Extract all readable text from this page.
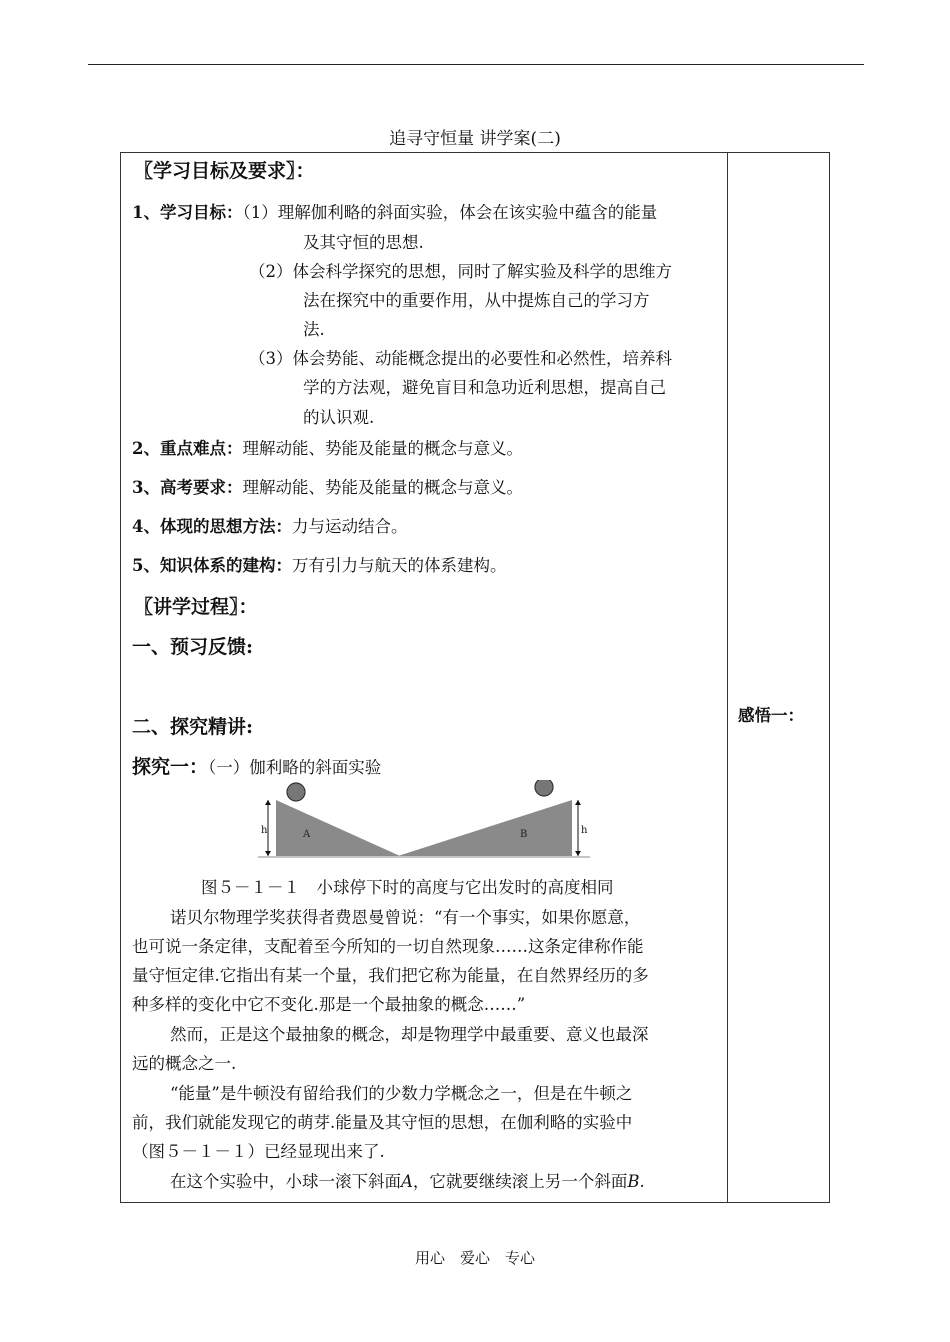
追寻守恒量 讲学案(二)
感悟一：
〖学习目标及要求〗：
1、学习目标：（1）理解伽利略的斜面实验，体会在该实验中蕴含的能量
及其守恒的思想.
（2）体会科学探究的思想，同时了解实验及科学的思维方
法在探究中的重要作用，从中提炼自己的学习方
法.
（3）体会势能、动能概念提出的必要性和必然性，培养科
学的方法观，避免盲目和急功近利思想，提高自己
的认识观.
2、重点难点：理解动能、势能及能量的概念与意义。
3、高考要求：理解动能、势能及能量的概念与意义。
4、体现的思想方法：力与运动结合。
5、知识体系的建构：万有引力与航天的体系建构。
〖讲学过程〗：
一、预习反馈:
二、探究精讲:
探究一：（一）伽利略的斜面实验
h	h
A	B
图５－１－１　小球停下时的高度与它出发时的高度相同
诺贝尔物理学奖获得者费恩曼曾说：“有一个事实，如果你愿意，
也可说一条定律，支配着至今所知的一切自然现象……这条定律称作能
量守恒定律.它指出有某一个量，我们把它称为能量，在自然界经历的多
种多样的变化中它不变化.那是一个最抽象的概念……”
然而，正是这个最抽象的概念，却是物理学中最重要、意义也最深
远的概念之一.
“能量”是牛顿没有留给我们的少数力学概念之一，但是在牛顿之
前，我们就能发现它的萌芽.能量及其守恒的思想，在伽利略的实验中
（图５－１－１）已经显现出来了.
在这个实验中，小球一滚下斜面A，它就要继续滚上另一个斜面B.
用心　爱心　专心
